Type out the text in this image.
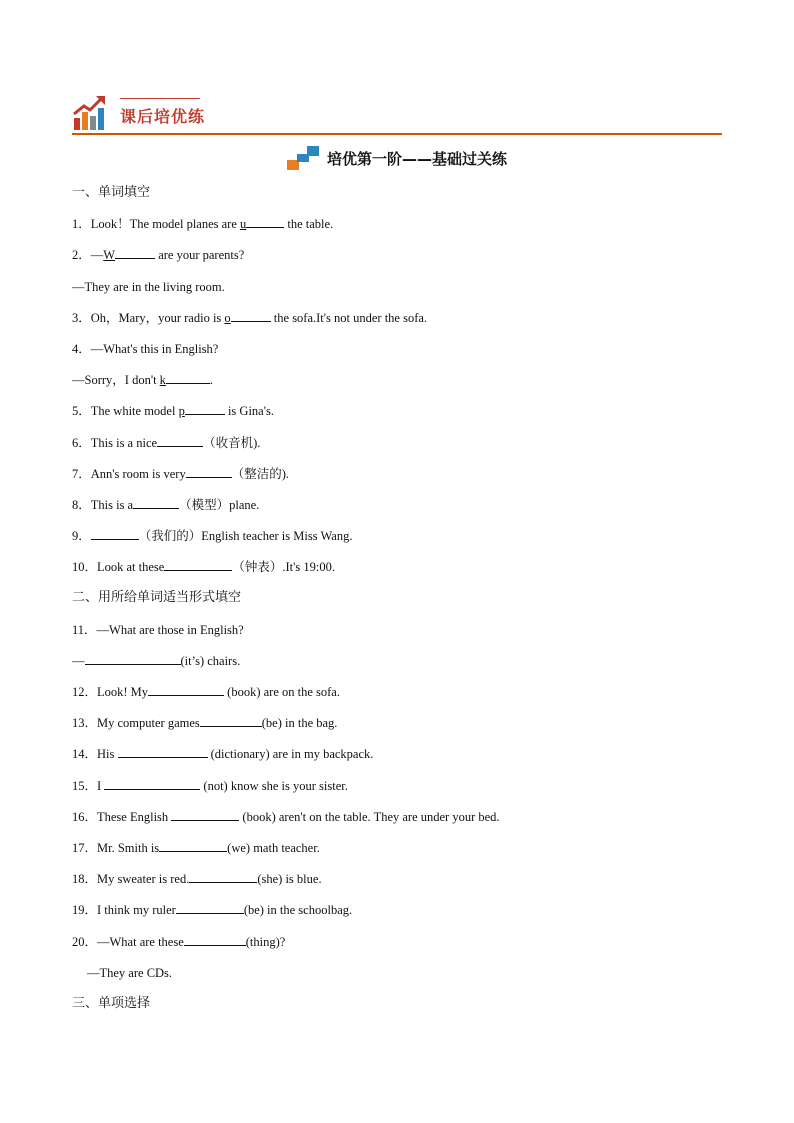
课后培优练
培优第一阶——基础过关练
一、单词填空
1．Look！The model planes are u	the table.
2．—W	are your parents?
—They are in the living room.
3．Oh，Mary，your radio is o	the sofa.It's not under the sofa.
4．—What's this in English?
—Sorry，I don't k	.
5．The white model p	is Gina's.
6．This is a nice	（收音机).
7．Ann's room is very	（整洁的).
8．This is a	（模型）plane.
9．	（我们的）English teacher is Miss Wang.
10．Look at these	（钟表）.It's 19:00.
二、用所给单词适当形式填空
11．—What are those in English?
—	(it’s) chairs.
12．Look! My	(book) are on the sofa.
13．My computer games	(be) in the bag.
14．His	(dictionary) are in my backpack.
15．I	(not) know she is your sister.
16．These English	(book) aren't on the table. They are under your bed.
17．Mr. Smith is	(we) math teacher.
18．My sweater is red.	(she) is blue.
19．I think my ruler	(be) in the schoolbag.
20．—What are these	(thing)?
—They are CDs.
三、单项选择
